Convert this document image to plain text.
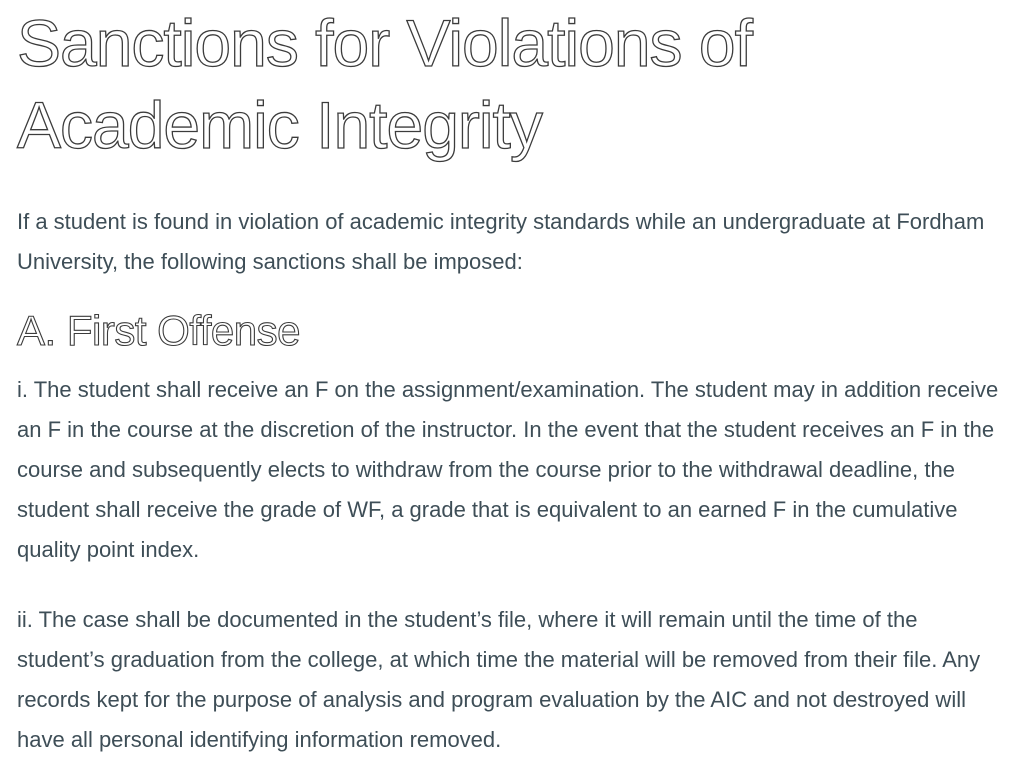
Sanctions for Violations of Academic Integrity

If a student is found in violation of academic integrity standards while an undergraduate at Fordham University, the following sanctions shall be imposed:

A. First Offense

i. The student shall receive an F on the assignment/examination. The student may in addition receive an F in the course at the discretion of the instructor. In the event that the student receives an F in the course and subsequently elects to withdraw from the course prior to the withdrawal deadline, the student shall receive the grade of WF, a grade that is equivalent to an earned F in the cumulative quality point index.

ii. The case shall be documented in the student’s file, where it will remain until the time of the student’s graduation from the college, at which time the material will be removed from their file. Any records kept for the purpose of analysis and program evaluation by the AIC and not destroyed will have all personal identifying information removed.
